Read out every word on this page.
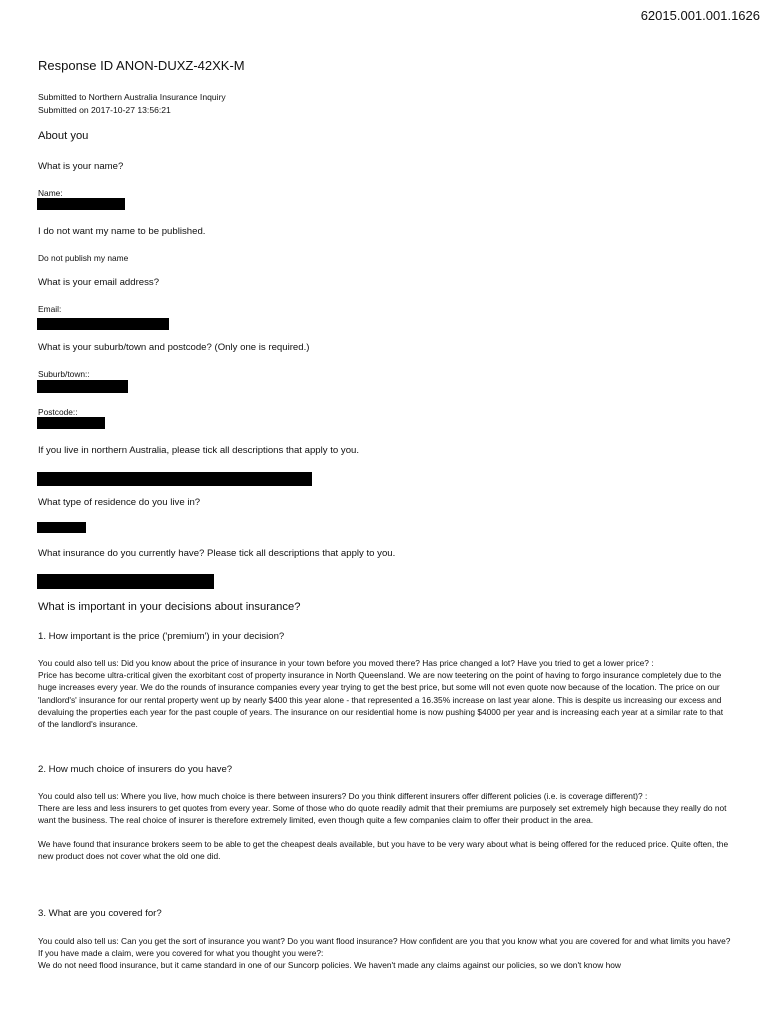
62015.001.001.1626
Response ID ANON-DUXZ-42XK-M
Submitted to Northern Australia Insurance Inquiry
Submitted on 2017-10-27 13:56:21
About you
What is your name?
Name:
I do not want my name to be published.
Do not publish my name
What is your email address?
Email:
What is your suburb/town and postcode? (Only one is required.)
Suburb/town::
Postcode::
If you live in northern Australia, please tick all descriptions that apply to you.
What type of residence do you live in?
What insurance do you currently have? Please tick all descriptions that apply to you.
What is important in your decisions about insurance?
1. How important is the price ('premium') in your decision?

You could also tell us: Did you know about the price of insurance in your town before you moved there? Has price changed a lot? Have you tried to get a lower price? :

Price has become ultra-critical given the exorbitant cost of property insurance in North Queensland. We are now teetering on the point of having to forgo insurance completely due to the huge increases every year. We do the rounds of insurance companies every year trying to get the best price, but some will not even quote now because of the location. The price on our 'landlord's' insurance for our rental property went up by nearly $400 this year alone - that represented a 16.35% increase on last year alone. This is despite us increasing our excess and devaluing the properties each year for the past couple of years. The insurance on our residential home is now pushing $4000 per year and is increasing each year at a similar rate to that of the landlord's insurance.

2. How much choice of insurers do you have?

You could also tell us: Where you live, how much choice is there between insurers? Do you think different insurers offer different policies (i.e. is coverage different)? :

There are less and less insurers to get quotes from every year. Some of those who do quote readily admit that their premiums are purposely set extremely high because they really do not want the business. The real choice of insurer is therefore extremely limited, even though quite a few companies claim to offer their product in the area.

We have found that insurance brokers seem to be able to get the cheapest deals available, but you have to be very wary about what is being offered for the reduced price. Quite often, the new product does not cover what the old one did.

3. What are you covered for?

You could also tell us: Can you get the sort of insurance you want? Do you want flood insurance? How confident are you that you know what you are covered for and what limits you have? If you have made a claim, were you covered for what you thought you were?:

We do not need flood insurance, but it came standard in one of our Suncorp policies. We haven't made any claims against our policies, so we don't know how
